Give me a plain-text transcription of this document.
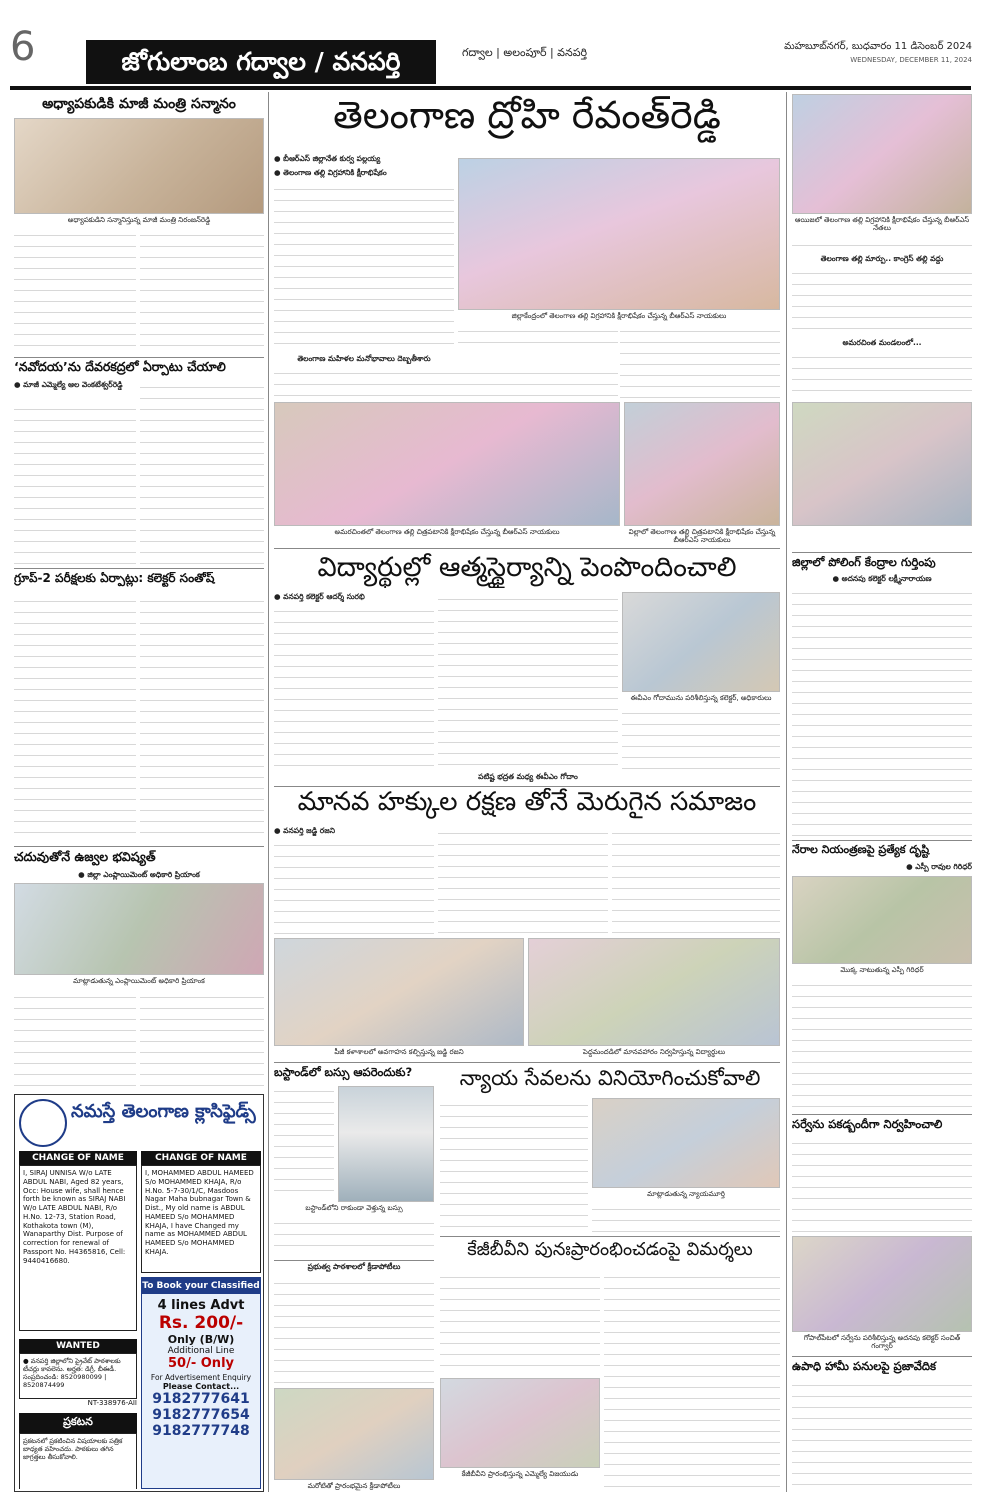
6	జోగులాంబ గద్వాల / వనపర్తి	గద్వాల | అలంపూర్ | వనపర్తి	మహబూబ్‌నగర్, బుధవారం 11 డిసెంబర్ 2024
WEDNESDAY, DECEMBER 11, 2024
అధ్యాపకుడికి మాజీ మంత్రి సన్మానం
అధ్యాపకుడిని సన్మానిస్తున్న మాజీ మంత్రి నిరంజన్‌రెడ్డి
‘నవోదయ’ను దేవరకద్రలో ఏర్పాటు చేయాలి
● మాజీ ఎమ్మెల్యే ఆల వెంకటేశ్వర్‌రెడ్డి
గ్రూప్-2 పరీక్షలకు ఏర్పాట్లు: కలెక్టర్ సంతోష్
చదువుతోనే ఉజ్వల భవిష్యత్
● జిల్లా ఎంప్లాయిమెంట్ అధికారి ప్రియాంక
మాట్లాడుతున్న ఎంప్లాయిమెంట్ అధికారి ప్రియాంక
నమస్తే తెలంగాణ క్లాసిఫైడ్స్
CHANGE OF NAME
I, SIRAJ UNNISA W/o LATE ABDUL NABI, Aged 82 years, Occ: House wife, shall hence forth be known as SIRAJ NABI W/o LATE ABDUL NABI, R/o H.No. 12-73, Station Road, Kothakota town (M), Wanaparthy Dist. Purpose of correction for renewal of Passport No. H4365816, Cell: 9440416680.
CHANGE OF NAME
I, MOHAMMED ABDUL HAMEED S/o MOHAMMED KHAJA, R/o H.No. 5-7-30/1/C, Masdoos Nagar Maha bubnagar Town & Dist., My old name is ABDUL HAMEED S/o MOHAMMED KHAJA, I have Changed my name as MOHAMMED ABDUL HAMEED S/o MOHAMMED KHAJA.
To Book your Classified
4 lines Advt
Rs. 200/-
Only (B/W)
Additional Line
50/- Only
For Advertisement Enquiry
Please Contact...
9182777641
9182777654
9182777748
WANTED
● వనపర్తి జిల్లాలోని ప్రైవేట్ పాఠశాలకు టీచర్లు కావలెను. అర్హత: డిగ్రీ, బీఈడీ. సంప్రదించండి: 8520980099 | 8520874499
NT-338976-AII
ప్రకటన
ప్రకటనలో ప్రకటించిన విషయాలకు పత్రిక బాధ్యత వహించదు. పాఠకులు తగిన జాగ్రత్తలు తీసుకోవాలి.
తెలంగాణ ద్రోహి రేవంత్‌రెడ్డి
● బీఆర్‌ఎస్ జిల్లానేత కుర్వ పల్లయ్య
● తెలంగాణ తల్లి విగ్రహానికి క్షీరాభిషేకం
జిల్లాకేంద్రంలో తెలంగాణ తల్లి విగ్రహానికి క్షీరాభిషేకం చేస్తున్న బీఆర్‌ఎస్ నాయకులు
తెలంగాణ మహిళల మనోభావాలు దెబ్బతీశారు
అమరచింతలో తెలంగాణ తల్లి చిత్రపటానికి క్షీరాభిషేకం చేస్తున్న బీఆర్‌ఎస్ నాయకులు	విల్లాలో తెలంగాణ తల్లి చిత్రపటానికి క్షీరాభిషేకం చేస్తున్న బీఆర్‌ఎస్ నాయకులు
ఆయిజలో తెలంగాణ తల్లి విగ్రహానికి క్షీరాభిషేకం చేస్తున్న బీఆర్‌ఎస్ నేతలు
తెలంగాణ తల్లి మార్పు.. కాంగ్రెస్ తల్లి వద్దు
అమరచింత మండలంలో...
విద్యార్థుల్లో ఆత్మస్థైర్యాన్ని పెంపొందించాలి
● వనపర్తి కలెక్టర్ ఆదర్శ్ సురభి
ఈవీఎం గోదామును పరిశీలిస్తున్న కలెక్టర్, అధికారులు
పటిష్ట భద్రత మధ్య ఈవీఎం గోదాం
జిల్లాలో పోలింగ్ కేంద్రాల గుర్తింపు
● అదనపు కలెక్టర్ లక్ష్మీనారాయణ
మానవ హక్కుల రక్షణ తోనే మెరుగైన సమాజం
● వనపర్తి జడ్జి రజని
పీజీ కళాశాలలో అవగాహన కల్పిస్తున్న జడ్జి రజని	పెద్దమందడిలో మానవహారం నిర్వహిస్తున్న విద్యార్థులు
నేరాల నియంత్రణపై ప్రత్యేక దృష్టి
● ఎస్పీ రావుల గిరిధర్
మొక్క నాటుతున్న ఎస్పీ గిరిధర్
సర్వేను పకడ్బందీగా నిర్వహించాలి
గోపాల్‌పేటలో సర్వేను పరిశీలిస్తున్న అదనపు కలెక్టర్ సంచిత్ గంగ్వార్
ఉపాధి హామీ పనులపై ప్రజావేదిక
బస్టాండ్‌లో బస్సు ఆపరెందుకు?
బస్టాండ్‌లోని రాకుండా వెళ్తున్న బస్సు
న్యాయ సేవలను వినియోగించుకోవాలి
మాట్లాడుతున్న న్యాయమూర్తి
ప్రభుత్వ పాఠశాలలో క్రీడాపోటీలు
మరోటితో ప్రారంభమైన క్రీడాపోటీలు
కేజీబీవీని పునఃప్రారంభించడంపై విమర్శలు
కేజీబీవీని ప్రారంభిస్తున్న ఎమ్మెల్యే విజయుడు
